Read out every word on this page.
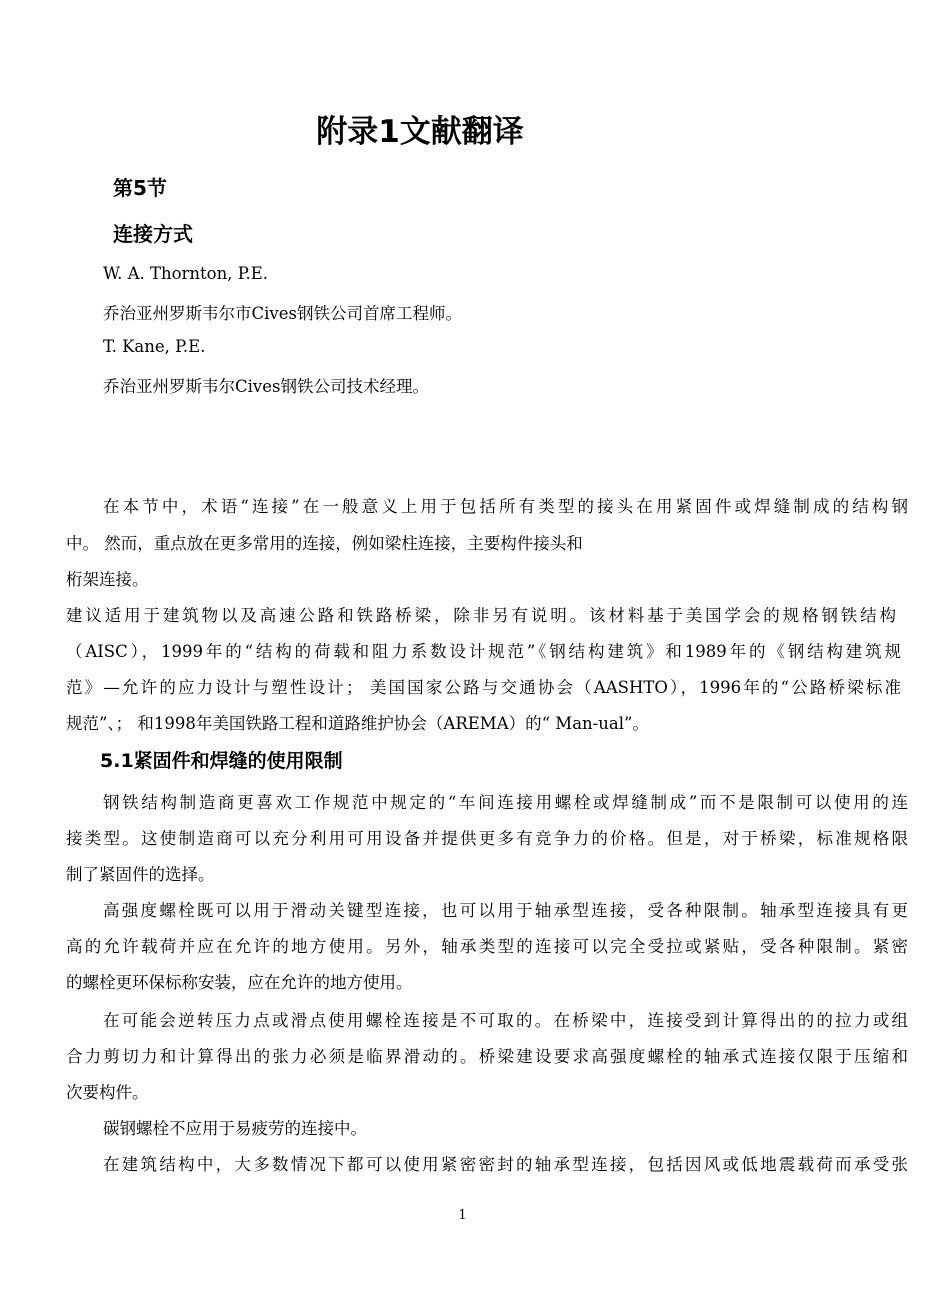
附录1文献翻译
第5节
连接方式
W. A. Thornton, P.E.
乔治亚州罗斯韦尔市Cives钢铁公司首席工程师。
T. Kane, P.E.
乔治亚州罗斯韦尔Cives钢铁公司技术经理。
在本节中，术语“连接”在一般意义上用于包括所有类型的接头在用紧固件或焊缝制成的结构钢
中。 然而，重点放在更多常用的连接，例如梁柱连接，主要构件接头和
桁架连接。
建议适用于建筑物以及高速公路和铁路桥梁，除非另有说明。该材料基于美国学会的规格钢铁结构
（AISC），1999年的“结构的荷载和阻力系数设计规范”《钢结构建筑》和1989年的《钢结构建筑规
范》—允许的应力设计与塑性设计； 美国国家公路与交通协会（AASHTO），1996年的“公路桥梁标准
规范”、； 和1998年美国铁路工程和道路维护协会（AREMA）的“ Man-ual”。
5.1紧固件和焊缝的使用限制
钢铁结构制造商更喜欢工作规范中规定的“车间连接用螺栓或焊缝制成”而不是限制可以使用的连
接类型。这使制造商可以充分利用可用设备并提供更多有竞争力的价格。但是，对于桥梁，标准规格限
制了紧固件的选择。
高强度螺栓既可以用于滑动关键型连接，也可以用于轴承型连接，受各种限制。轴承型连接具有更
高的允许载荷并应在允许的地方使用。另外，轴承类型的连接可以完全受拉或紧贴，受各种限制。紧密
的螺栓更环保标称安装，应在允许的地方使用。
在可能会逆转压力点或滑点使用螺栓连接是不可取的。在桥梁中，连接受到计算得出的的拉力或组
合力剪切力和计算得出的张力必须是临界滑动的。桥梁建设要求高强度螺栓的轴承式连接仅限于压缩和
次要构件。
碳钢螺栓不应用于易疲劳的连接中。
在建筑结构中，大多数情况下都可以使用紧密密封的轴承型连接，包括因风或低地震载荷而承受张
1
